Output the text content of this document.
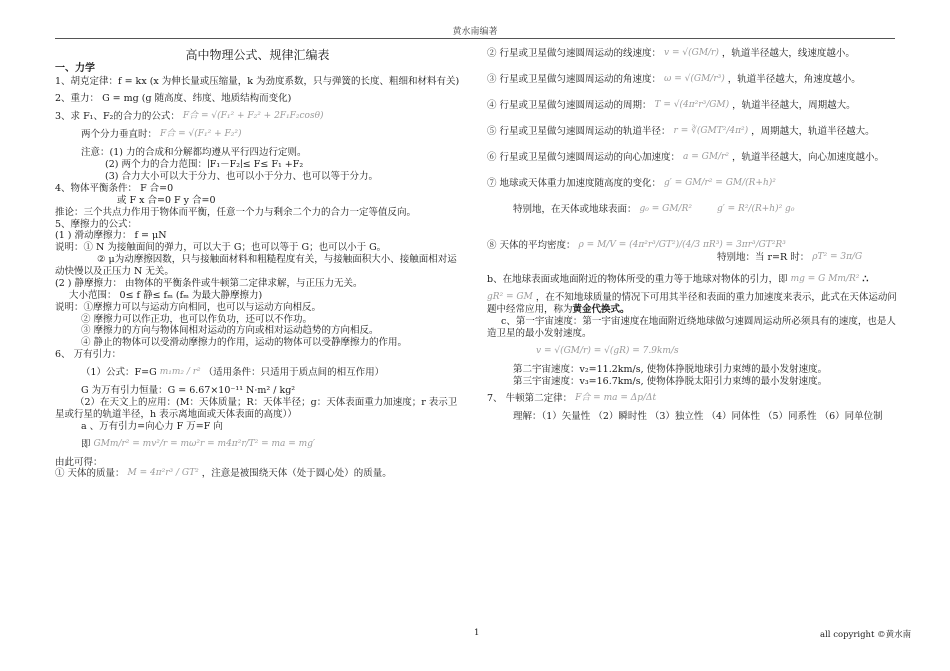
黄水南编著

高中物理公式、规律汇编表

一、力学

1、胡克定律：f = kx (x 为伸长量或压缩量，k 为劲度系数，只与弹簧的长度、粗细和材料有关)

2、重力： G = mg (g 随高度、纬度、地质结构而变化)

3、求 F₁、F₂的合力的公式： F合 = √(F₁² + F₂² + 2F₁F₂cosθ)

两个分力垂直时： F合 = √(F₁² + F₂²)

注意：(1) 力的合成和分解都均遵从平行四边行定则。

(2) 两个力的合力范围：∣F₁－F₂∣≤ F≤ F₁ +F₂

(3) 合力大小可以大于分力、也可以小于分力、也可以等于分力。

4、物体平衡条件： F 合=0

或 F x 合=0 F y 合=0

推论：三个共点力作用于物体而平衡，任意一个力与剩余二个力的合力一定等值反向。

5、摩擦力的公式：

(1 ) 滑动摩擦力： f = μN

说明：① N 为接触面间的弹力，可以大于 G；也可以等于 G；也可以小于 G。

② μ为动摩擦因数，只与接触面材料和粗糙程度有关，与接触面积大小、接触面相对运动快慢以及正压力 N 无关。

(2 ) 静摩擦力： 由物体的平衡条件或牛顿第二定律求解，与正压力无关。

大小范围： 0≤ f 静≤ fₘ (fₘ 为最大静摩擦力)

说明：①摩擦力可以与运动方向相同，也可以与运动方向相反。

② 摩擦力可以作正功，也可以作负功，还可以不作功。

③ 摩擦力的方向与物体间相对运动的方向或相对运动趋势的方向相反。

④ 静止的物体可以受滑动摩擦力的作用，运动的物体可以受静摩擦力的作用。

6、 万有引力：

（1）公式：F=G m₁m₂ / r² （适用条件：只适用于质点间的相互作用）

G 为万有引力恒量：G = 6.67×10⁻¹¹ N·m² / kg²

（2）在天文上的应用：(M：天体质量；R：天体半径；g：天体表面重力加速度；r 表示卫星或行星的轨道半径，h 表示离地面或天体表面的高度））

a 、万有引力=向心力 F 万=F 向

即 GMm/r² = mv²/r = mω²r = m4π²r/T² = ma = mg′

由此可得：

① 天体的质量： M = 4π²r³ / GT² ，注意是被围绕天体（处于圆心处）的质量。

② 行星或卫星做匀速圆周运动的线速度： v = √(GM/r) ，轨道半径越大，线速度越小。

③ 行星或卫星做匀速圆周运动的角速度： ω = √(GM/r³) ，轨道半径越大，角速度越小。

④ 行星或卫星做匀速圆周运动的周期： T = √(4π²r³/GM) ，轨道半径越大，周期越大。

⑤ 行星或卫星做匀速圆周运动的轨道半径： r = ∛(GMT²/4π²) ，周期越大，轨道半径越大。

⑥ 行星或卫星做匀速圆周运动的向心加速度： a = GM/r² ，轨道半径越大，向心加速度越小。

⑦ 地球或天体重力加速度随高度的变化： g′ = GM/r² = GM/(R+h)²

特别地，在天体或地球表面： g₀ = GM/R²	g′ = R²/(R+h)² g₀

⑧ 天体的平均密度： ρ = M/V = (4π²r³/GT²)/(4/3 πR³) = 3πr³/GT²R³

特别地：当 r=R 时： ρT² = 3π/G

b、在地球表面或地面附近的物体所受的重力等于地球对物体的引力，即 mg = G Mm/R² ∴

gR² = GM ，在不知地球质量的情况下可用其半径和表面的重力加速度来表示，此式在天体运动问题中经常应用，称为黄金代换式。

c、第一宇宙速度：第一宇宙速度在地面附近绕地球做匀速圆周运动所必须具有的速度，也是人造卫星的最小发射速度。

v = √(GM/r) = √(gR) = 7.9km/s

第二宇宙速度：v₂=11.2km/s, 使物体挣脱地球引力束缚的最小发射速度。

第三宇宙速度：v₃=16.7km/s, 使物体挣脱太阳引力束缚的最小发射速度。

7、 牛顿第二定律： F合 = ma = Δp/Δt

理解：（1）矢量性 （2）瞬时性 （3）独立性 （4）同体性 （5）同系性 （6）同单位制

1	all copyright ©黄水南
